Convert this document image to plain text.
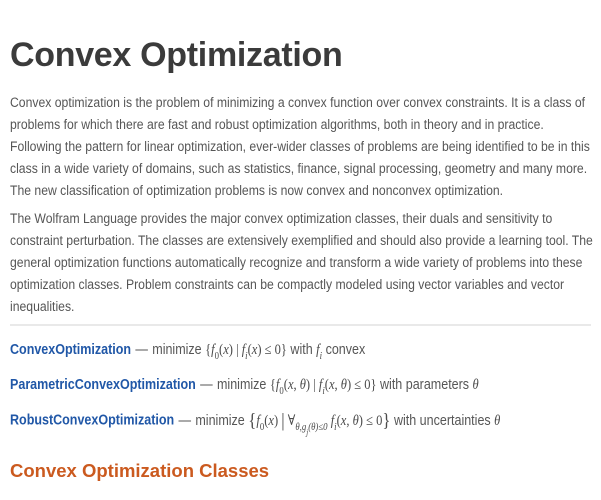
Convex Optimization

Convex optimization is the problem of minimizing a convex function over convex constraints. It is a class of problems for which there are fast and robust optimization algorithms, both in theory and in practice. Following the pattern for linear optimization, ever-wider classes of problems are being identified to be in this class in a wide variety of domains, such as statistics, finance, signal processing, geometry and many more. The new classification of optimization problems is now convex and nonconvex optimization.

The Wolfram Language provides the major convex optimization classes, their duals and sensitivity to constraint perturbation. The classes are extensively exemplified and should also provide a learning tool. The general optimization functions automatically recognize and transform a wide variety of problems into these optimization classes. Problem constraints can be compactly modeled using vector variables and vector inequalities.

ConvexOptimization — minimize {$f_0(x)$ | $f_i(x) \le 0$} with $f_i$ convex
ParametricConvexOptimization — minimize {$f_0(x$, θ) | $f_i(x$, θ) ≤ 0} with parameters θ
RobustConvexOptimization — minimize {$f_0(x)$ | $\forall_{\theta,gj(\theta)\le 0}$ $f_i(x$, θ) ≤ 0} with uncertainties θ
Convex Optimization Classes
